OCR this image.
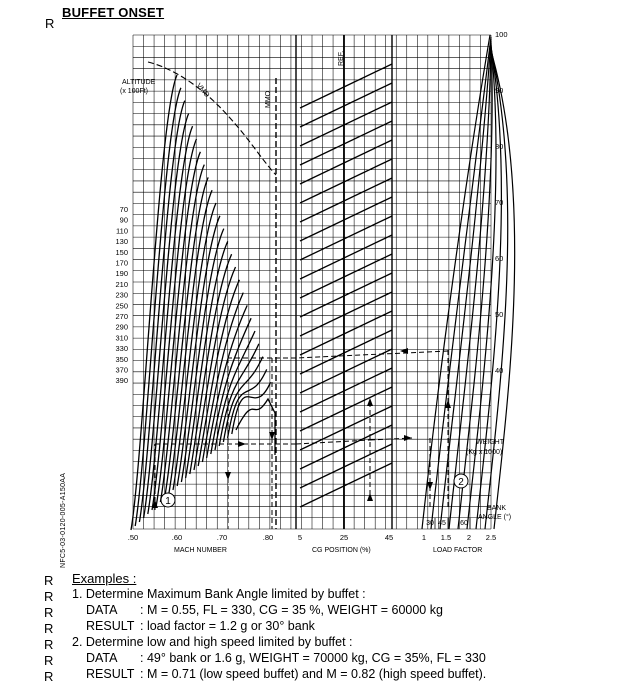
BUFFET ONSET
R
NFC5-03-0120-005-A150AA
ALTITUDE
(x 100Ft)	VMO
MMO
REF.
MACH NUMBER	CG POSITION (%)	LOAD FACTOR
WEIGHT
(Kg x 1000)
BANK
ANGLE (°)
.50	.60	.70	.80	5	25	45	1 1.5 2 2.5
70
90
110
130
150
170
190
210
230
250
270
290
310
330
350
370
390
100
90
80
70
60
50
40
30 45 60
1
2
R
R
R
R
R
R
R
Examples :
1. Determine Maximum Bank Angle limited by buffet :
DATA : M = 0.55, FL = 330, CG = 35 %, WEIGHT = 60000 kg
RESULT : load factor = 1.2 g or 30° bank
2. Determine low and high speed limited by buffet :
DATA : 49° bank or 1.6 g, WEIGHT = 70000 kg, CG = 35%, FL = 330
RESULT : M = 0.71 (low speed buffet) and M = 0.82 (high speed buffet).
